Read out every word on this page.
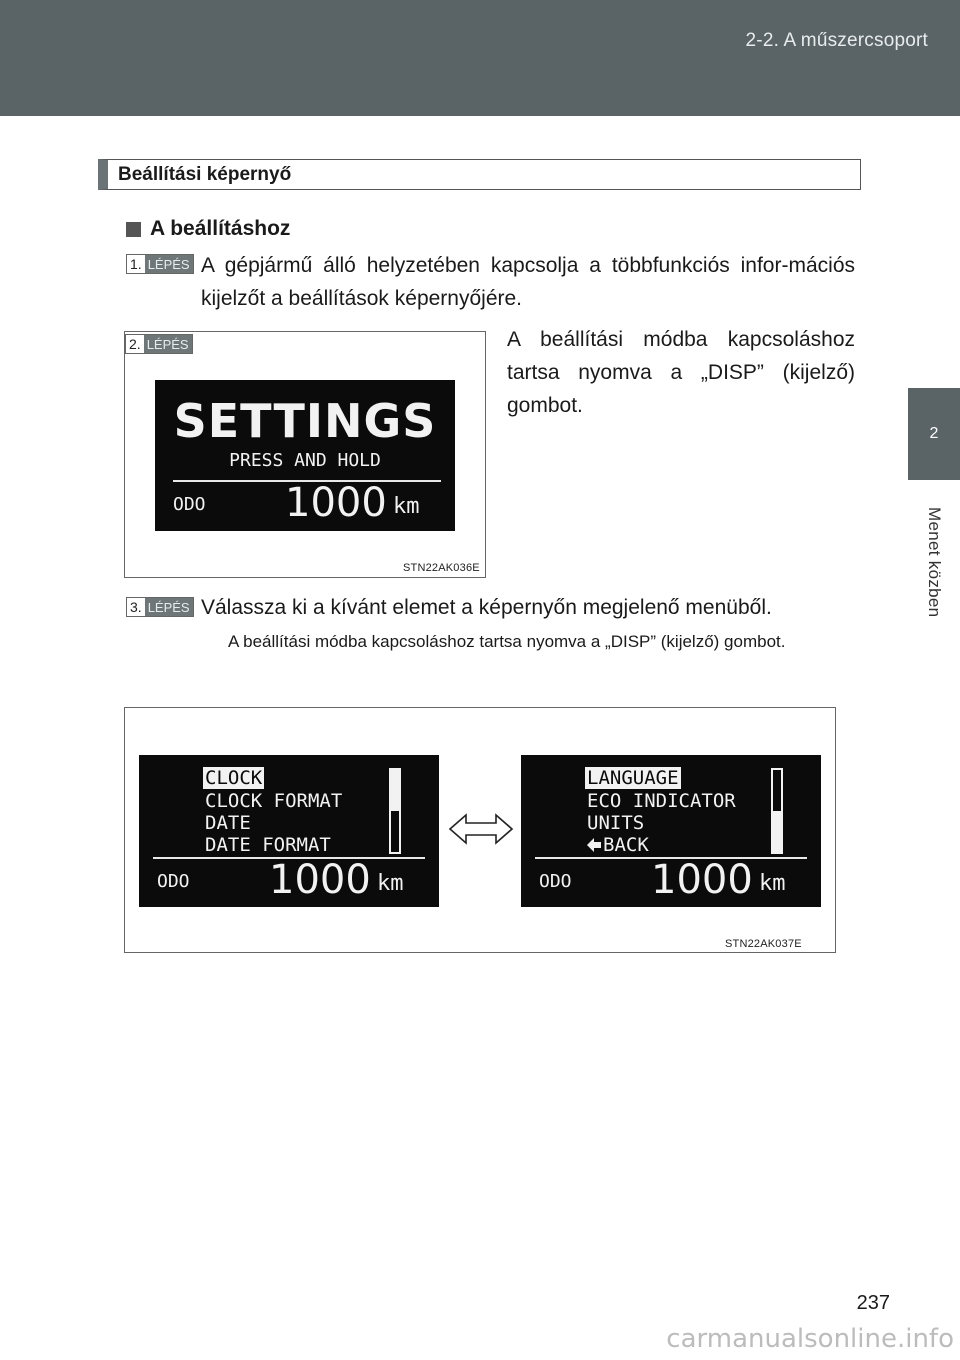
2-2. A műszercsoport
2
Menet közben
Beállítási képernyő
A beállításhoz
1. LÉPÉS A gépjármű álló helyzetében kapcsolja a többfunkciós infor-mációs kijelzőt a beállítások képernyőjére.
2. LÉPÉS
SETTINGS
PRESS AND HOLD
ODO 1000 km
STN22AK036E
A beállítási módba kapcsoláshoz tartsa nyomva a „DISP” (kijelző) gombot.
3. LÉPÉS Válassza ki a kívánt elemet a képernyőn megjelenő menüből.
A beállítási módba kapcsoláshoz tartsa nyomva a „DISP” (kijelző) gombot.
CLOCK
CLOCK FORMAT
DATE
DATE FORMAT
ODO 1000 km
LANGUAGE
ECO INDICATOR
UNITS
BACK
ODO 1000 km
STN22AK037E
237
carmanualsonline.info
